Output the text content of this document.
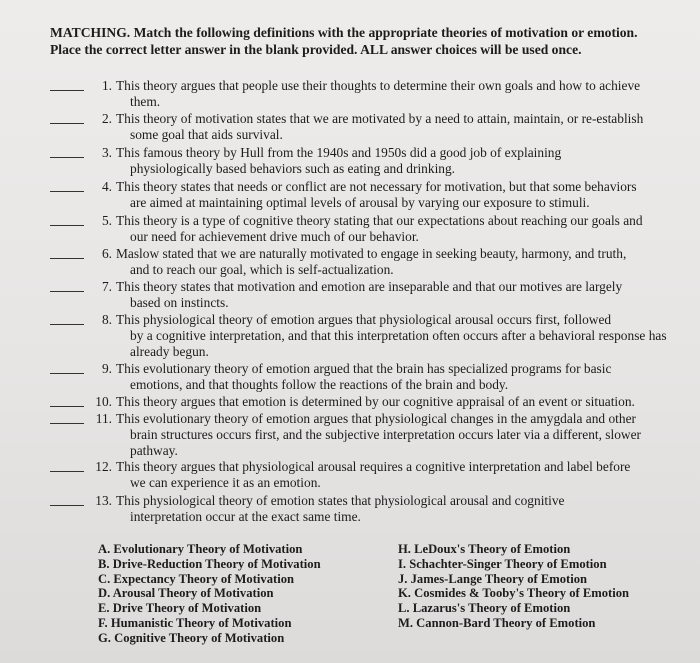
MATCHING. Match the following definitions with the appropriate theories of motivation or emotion.
Place the correct letter answer in the blank provided. ALL answer choices will be used once.
1. This theory argues that people use their thoughts to determine their own goals and how to achieve
them.
2. This theory of motivation states that we are motivated by a need to attain, maintain, or re-establish
some goal that aids survival.
3. This famous theory by Hull from the 1940s and 1950s did a good job of explaining
physiologically based behaviors such as eating and drinking.
4. This theory states that needs or conflict are not necessary for motivation, but that some behaviors
are aimed at maintaining optimal levels of arousal by varying our exposure to stimuli.
5. This theory is a type of cognitive theory stating that our expectations about reaching our goals and
our need for achievement drive much of our behavior.
6. Maslow stated that we are naturally motivated to engage in seeking beauty, harmony, and truth,
and to reach our goal, which is self-actualization.
7. This theory states that motivation and emotion are inseparable and that our motives are largely
based on instincts.
8. This physiological theory of emotion argues that physiological arousal occurs first, followed
by a cognitive interpretation, and that this interpretation often occurs after a behavioral response has
already begun.
9. This evolutionary theory of emotion argued that the brain has specialized programs for basic
emotions, and that thoughts follow the reactions of the brain and body.
10. This theory argues that emotion is determined by our cognitive appraisal of an event or situation.
11. This evolutionary theory of emotion argues that physiological changes in the amygdala and other
brain structures occurs first, and the subjective interpretation occurs later via a different, slower
pathway.
12. This theory argues that physiological arousal requires a cognitive interpretation and label before
we can experience it as an emotion.
13. This physiological theory of emotion states that physiological arousal and cognitive
interpretation occur at the exact same time.
A. Evolutionary Theory of Motivation
B. Drive-Reduction Theory of Motivation
C. Expectancy Theory of Motivation
D. Arousal Theory of Motivation
E. Drive Theory of Motivation
F. Humanistic Theory of Motivation
G. Cognitive Theory of Motivation
H. LeDoux's Theory of Emotion
I. Schachter-Singer Theory of Emotion
J. James-Lange Theory of Emotion
K. Cosmides & Tooby's Theory of Emotion
L. Lazarus's Theory of Emotion
M. Cannon-Bard Theory of Emotion
